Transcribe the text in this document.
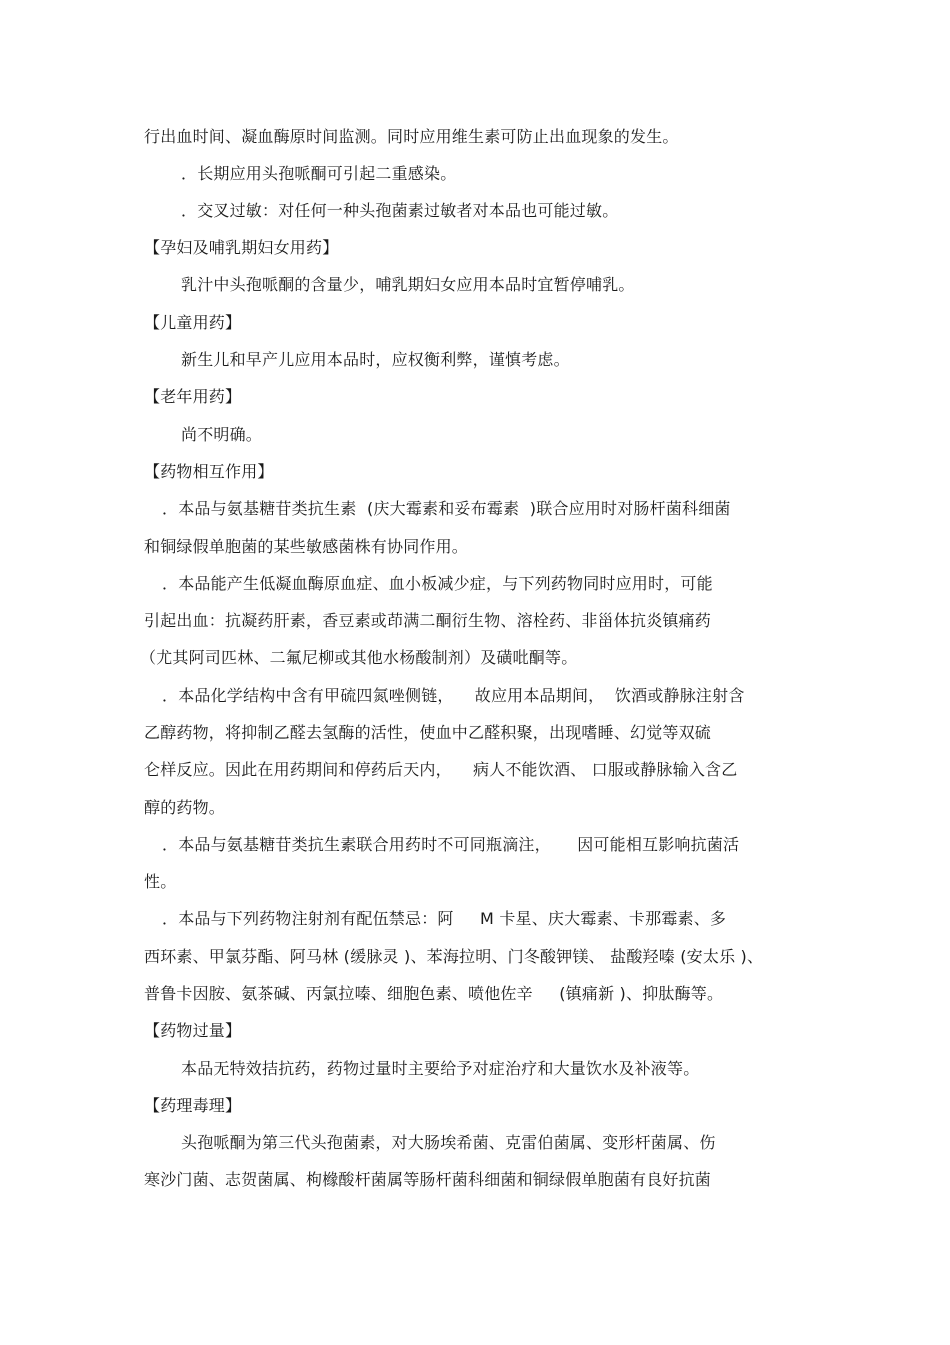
行出血时间、凝血酶原时间监测。同时应用维生素可防止出血现象的发生。
．长期应用头孢哌酮可引起二重感染。
．交叉过敏：对任何一种头孢菌素过敏者对本品也可能过敏。
【孕妇及哺乳期妇女用药】
乳汁中头孢哌酮的含量少，哺乳期妇女应用本品时宜暂停哺乳。
【儿童用药】
新生儿和早产儿应用本品时，应权衡利弊，谨慎考虑。
【老年用药】
尚不明确。
【药物相互作用】
．本品与氨基糖苷类抗生素  (庆大霉素和妥布霉素  )联合应用时对肠杆菌科细菌
和铜绿假单胞菌的某些敏感菌株有协同作用。
．本品能产生低凝血酶原血症、血小板减少症，与下列药物同时应用时，可能
引起出血：抗凝药肝素，香豆素或茚满二酮衍生物、溶栓药、非甾体抗炎镇痛药
（尤其阿司匹林、二氟尼柳或其他水杨酸制剂）及磺吡酮等。
．本品化学结构中含有甲硫四氮唑侧链，    故应用本品期间，  饮酒或静脉注射含
乙醇药物，将抑制乙醛去氢酶的活性，使血中乙醛积聚，出现嗜睡、幻觉等双硫
仑样反应。因此在用药期间和停药后天内，    病人不能饮酒、 口服或静脉输入含乙
醇的药物。
．本品与氨基糖苷类抗生素联合用药时不可同瓶滴注，     因可能相互影响抗菌活
性。
．本品与下列药物注射剂有配伍禁忌：阿     M 卡星、庆大霉素、卡那霉素、多
西环素、甲氯芬酯、阿马林 (缓脉灵 )、苯海拉明、门冬酸钾镁、 盐酸羟嗪 (安太乐 )、
普鲁卡因胺、氨茶碱、丙氯拉嗪、细胞色素、喷他佐辛     (镇痛新 )、抑肽酶等。
【药物过量】
本品无特效拮抗药，药物过量时主要给予对症治疗和大量饮水及补液等。
【药理毒理】
头孢哌酮为第三代头孢菌素，对大肠埃希菌、克雷伯菌属、变形杆菌属、伤
寒沙门菌、志贺菌属、枸橼酸杆菌属等肠杆菌科细菌和铜绿假单胞菌有良好抗菌
